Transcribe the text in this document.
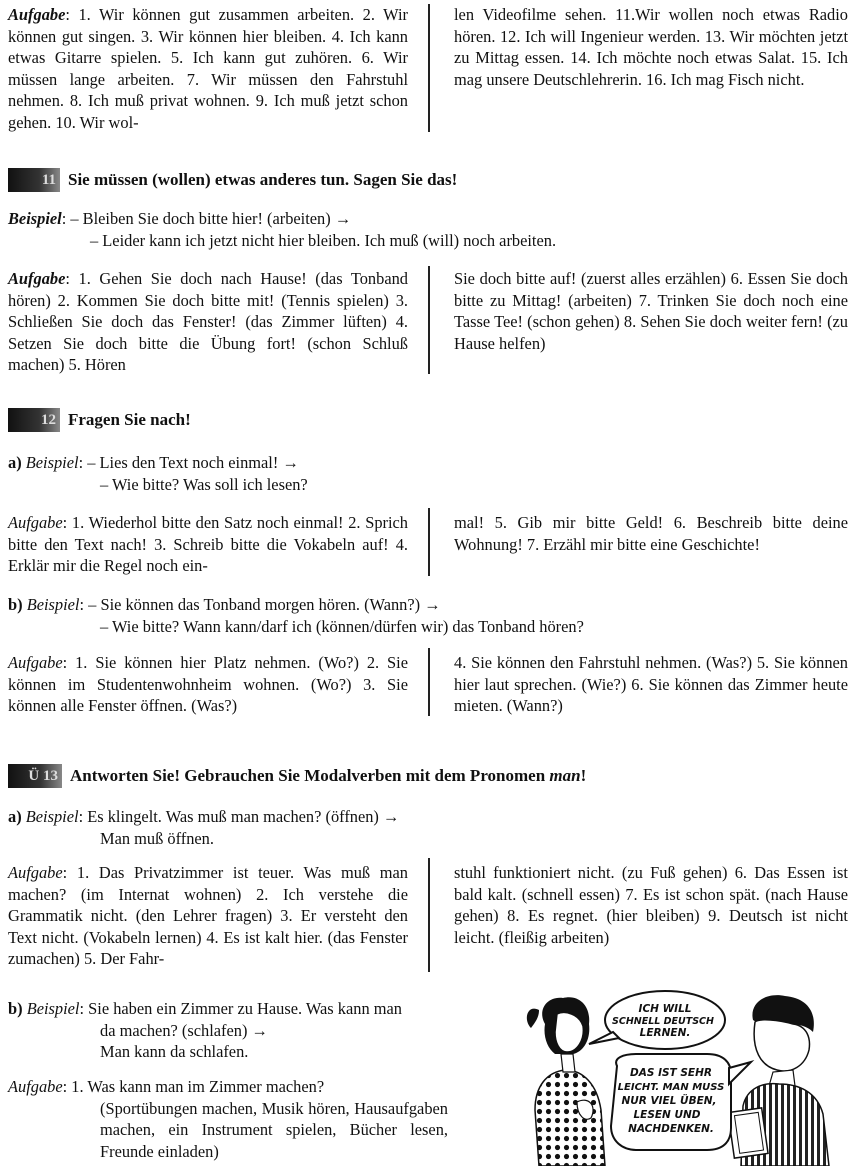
Aufgabe: 1. Wir können gut zusammen arbeiten. 2. Wir können gut singen. 3. Wir können hier bleiben. 4. Ich kann etwas Gitarre spielen. 5. Ich kann gut zuhören. 6. Wir müssen lange arbeiten. 7. Wir müssen den Fahrstuhl nehmen. 8. Ich muß privat wohnen. 9. Ich muß jetzt schon gehen. 10. Wir wol-
len Videofilme sehen. 11.Wir wollen noch etwas Radio hören. 12. Ich will Ingenieur werden. 13. Wir möchten jetzt zu Mittag essen. 14. Ich möchte noch etwas Salat. 15. Ich mag unsere Deutschlehrerin. 16. Ich mag Fisch nicht.
11 Sie müssen (wollen) etwas anderes tun. Sagen Sie das!
Beispiel: – Bleiben Sie doch bitte hier! (arbeiten) →
– Leider kann ich jetzt nicht hier bleiben. Ich muß (will) noch arbeiten.
Aufgabe: 1. Gehen Sie doch nach Hause! (das Tonband hören) 2. Kommen Sie doch bitte mit! (Tennis spielen) 3. Schließen Sie doch das Fenster! (das Zimmer lüften) 4. Setzen Sie doch bitte die Übung fort! (schon Schluß machen) 5. Hören
Sie doch bitte auf! (zuerst alles erzählen) 6. Essen Sie doch bitte zu Mittag! (arbeiten) 7. Trinken Sie doch noch eine Tasse Tee! (schon gehen) 8. Sehen Sie doch weiter fern! (zu Hause helfen)
12 Fragen Sie nach!
a) Beispiel: – Lies den Text noch einmal! →
– Wie bitte? Was soll ich lesen?
Aufgabe: 1. Wiederhol bitte den Satz noch einmal! 2. Sprich bitte den Text nach! 3. Schreib bitte die Vokabeln auf! 4. Erklär mir die Regel noch ein-
mal! 5. Gib mir bitte Geld! 6. Beschreib bitte deine Wohnung! 7. Erzähl mir bitte eine Geschichte!
b) Beispiel: – Sie können das Tonband morgen hören. (Wann?) →
– Wie bitte? Wann kann/darf ich (können/dürfen wir) das Tonband hören?
Aufgabe: 1. Sie können hier Platz nehmen. (Wo?) 2. Sie können im Studentenwohnheim wohnen. (Wo?) 3. Sie können alle Fenster öffnen. (Was?)
4. Sie können den Fahrstuhl nehmen. (Was?) 5. Sie können hier laut sprechen. (Wie?) 6. Sie können das Zimmer heute mieten. (Wann?)
Ü 13 Antworten Sie! Gebrauchen Sie Modalverben mit dem Pronomen man!
a) Beispiel: Es klingelt. Was muß man machen? (öffnen) →
Man muß öffnen.
Aufgabe: 1. Das Privatzimmer ist teuer. Was muß man machen? (im Internat wohnen) 2. Ich verstehe die Grammatik nicht. (den Lehrer fragen) 3. Er versteht den Text nicht. (Vokabeln lernen) 4. Es ist kalt hier. (das Fenster zumachen) 5. Der Fahr-
stuhl funktioniert nicht. (zu Fuß gehen) 6. Das Essen ist bald kalt. (schnell essen) 7. Es ist schon spät. (nach Hause gehen) 8. Es regnet. (hier bleiben) 9. Deutsch ist nicht leicht. (fleißig arbeiten)
b) Beispiel: Sie haben ein Zimmer zu Hause. Was kann man
da machen? (schlafen) →
Man kann da schlafen.
Aufgabe: 1. Was kann man im Zimmer machen?
(Sportübungen machen, Musik hören, Hausaufgaben machen, ein Instrument spielen, Bücher lesen, Freunde einladen)
ICH WILL
SCHNELL DEUTSCH
LERNEN.
DAS IST SEHR
LEICHT. MAN MUSS
NUR VIEL ÜBEN,
LESEN UND
NACHDENKEN.
